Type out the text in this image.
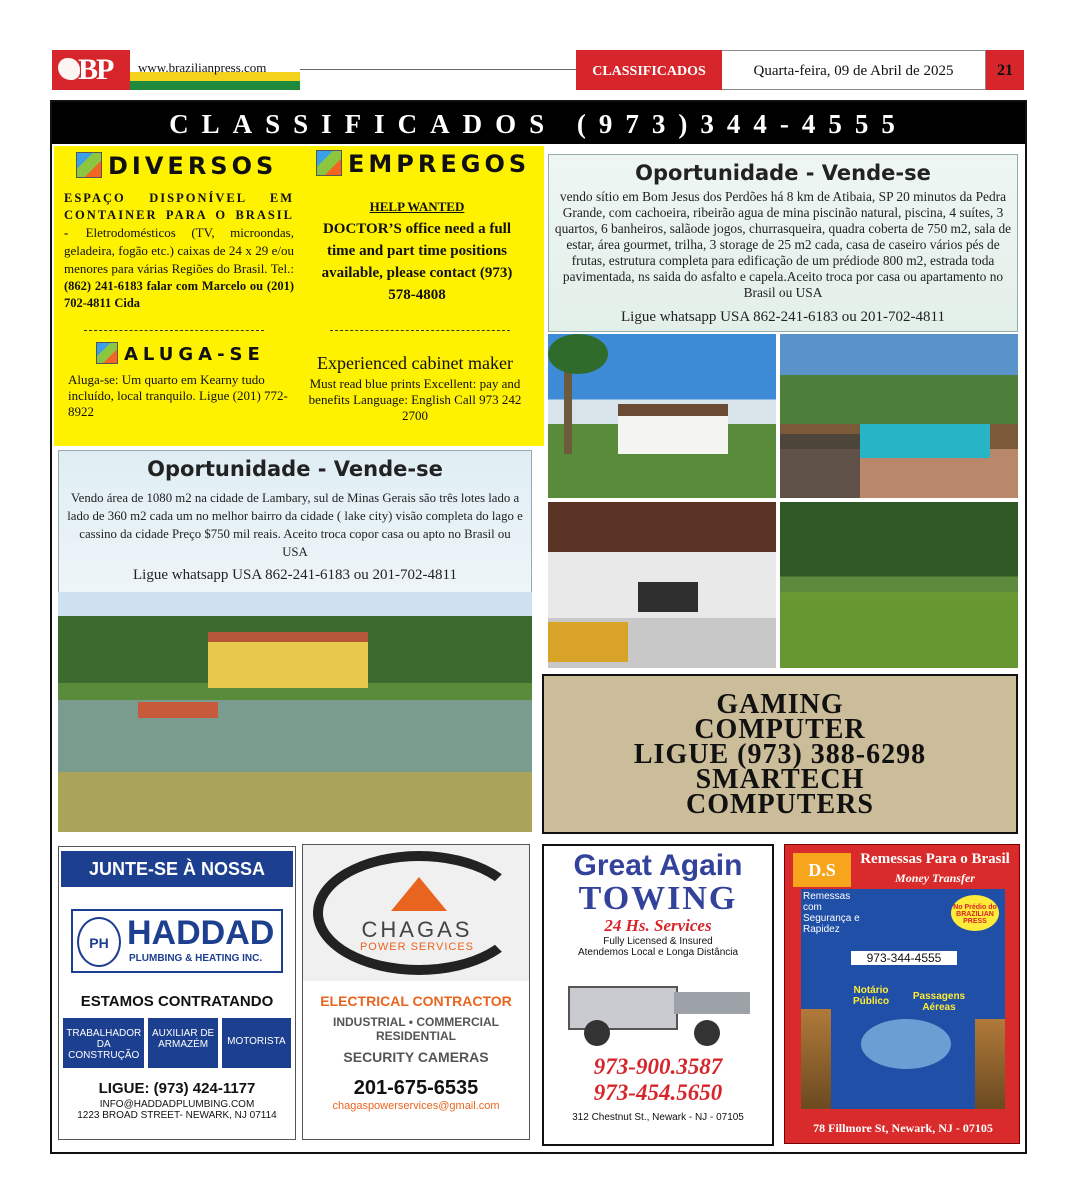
BP www.brazilianpress.com	CLASSIFICADOS	Quarta-feira, 09 de Abril de 2025	21
CLASSIFICADOS (973)344-4555
DIVERSOS	EMPREGOS
ESPAÇO DISPONÍVEL EM CONTAINER PARA O BRASIL - Eletrodomésticos (TV, microondas, geladeira, fogão etc.) caixas de 24 x 29 e/ou menores para várias Regiões do Brasil. Tel.: (862) 241-6183 falar com Marcelo ou (201) 702-4811 Cida
HELP WANTED
DOCTOR’S office need a full time and part time positions available, please contact (973) 578-4808
ALUGA-SE
Aluga-se: Um quarto em Kearny tudo incluído, local tranquilo. Ligue (201) 772-8922
Experienced cabinet maker
Must read blue prints Excellent: pay and benefits Language: English Call 973 242 2700
Oportunidade - Vende-se
vendo sítio em Bom Jesus dos Perdões há 8 km de Atibaia, SP 20 minutos da Pedra Grande, com cachoeira, ribeirão agua de mina piscinão natural, piscina, 4 suítes, 3 quartos, 6 banheiros, salãode jogos, churrasqueira, quadra coberta de 750 m2, sala de estar, área gourmet, trilha, 3 storage de 25 m2 cada, casa de caseiro vários pés de frutas, estrutura completa para edificação de um prédiode 800 m2, estrada toda pavimentada, ns saida do asfalto e capela.Aceito troca por casa ou apartamento no Brasil ou USA
Ligue whatsapp USA 862-241-6183 ou 201-702-4811
Oportunidade - Vende-se
Vendo área de 1080 m2 na cidade de Lambary, sul de Minas Gerais são três lotes lado a lado de 360 m2 cada um no melhor bairro da cidade ( lake city) visão completa do lago e cassino da cidade Preço $750 mil reais. Aceito troca copor casa ou apto no Brasil ou USA
Ligue whatsapp USA 862-241-6183 ou 201-702-4811
GAMING
COMPUTER
LIGUE (973) 388-6298
SMARTECH
COMPUTERS
JUNTE-SE À NOSSA EQUIPE
PH HADDAD
PLUMBING & HEATING INC.
ESTAMOS CONTRATANDO
TRABALHADOR DA CONSTRUÇÃO
AUXILIAR DE ARMAZÉM	MOTORISTA
LIGUE: (973) 424-1177
INFO@HADDADPLUMBING.COM
1223 BROAD STREET- NEWARK, NJ 07114
CHAGAS
POWER SERVICES
ELECTRICAL CONTRACTOR
INDUSTRIAL • COMMERCIAL
RESIDENTIAL
SECURITY CAMERAS
201-675-6535
chagaspowerservices@gmail.com
Great Again
TOWING
24 Hs. Services
Fully Licensed & Insured
Atendemos Local e Longa Distância
973-900.3587
973-454.5650
312 Chestnut St., Newark - NJ - 07105
D.S
Remessas Para o Brasil
Money Transfer
Remessas com Segurança e Rapidez
No Prédio do BRAZILIAN PRESS
973-344-4555
Notário Público	Passagens Aéreas
78 Fillmore St, Newark, NJ - 07105
